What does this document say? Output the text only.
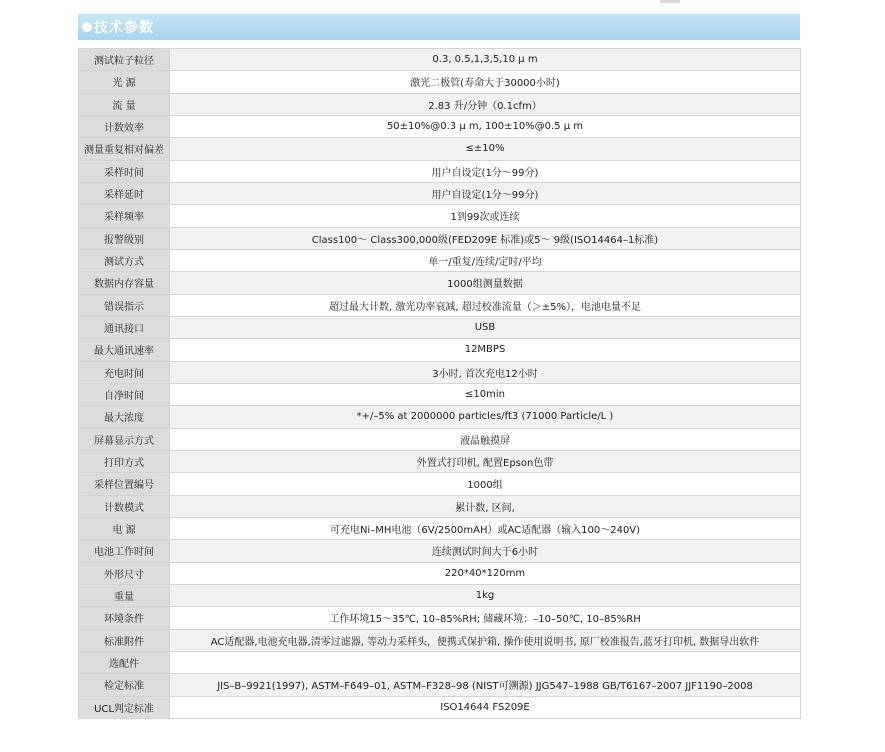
技术参数
测试粒子粒径	0.3, 0.5,1,3,5,10 μ m
光 源	激光二极管(寿命大于30000小时)
流 量	2.83 升/分钟（0.1cfm）
计数效率	50±10%@0.3 μ m, 100±10%@0.5 μ m
测量重复相对偏差	≤±10%
采样时间	用户自设定(1分～99分)
采样延时	用户自设定(1分～99分)
采样频率	1到99次或连续
报警级别	Class100～ Class300,000级(FED209E 标准)或5～ 9级(ISO14464–1标准)
测试方式	单一/重复/连续/定时/平均
数据内存容量	1000组测量数据
错误指示	超过最大计数, 激光功率衰减, 超过校准流量（＞±5%），电池电量不足
通讯接口	USB
最大通讯速率	12MBPS
充电时间	3小时, 首次充电12小时
自净时间	≤10min
最大浓度	*+/–5% at 2000000 particles/ft3 (71000 Particle/L )
屏幕显示方式	液晶触摸屏
打印方式	外置式打印机, 配置Epson色带
采样位置编号	1000组
计数模式	累计数, 区间,
电 源	可充电Ni–MH电池（6V/2500mAH）或AC适配器（输入100～240V)
电池工作时间	连续测试时间大于6小时
外形尺寸	220*40*120mm
重量	1kg
环境条件	工作环境15～35℃, 10–85%RH; 储藏环境：–10–50℃, 10–85%RH
标准附件	AC适配器,电池充电器,清零过滤器, 等动力采样头，便携式保护箱, 操作使用说明书, 原厂校准报告,蓝牙打印机, 数据导出软件
选配件	
检定标准	JIS–B–9921(1997), ASTM–F649–01, ASTM–F328–98 (NIST可溯源) JJG547–1988 GB/T6167–2007 JJF1190–2008
UCL判定标准	ISO14644 FS209E
